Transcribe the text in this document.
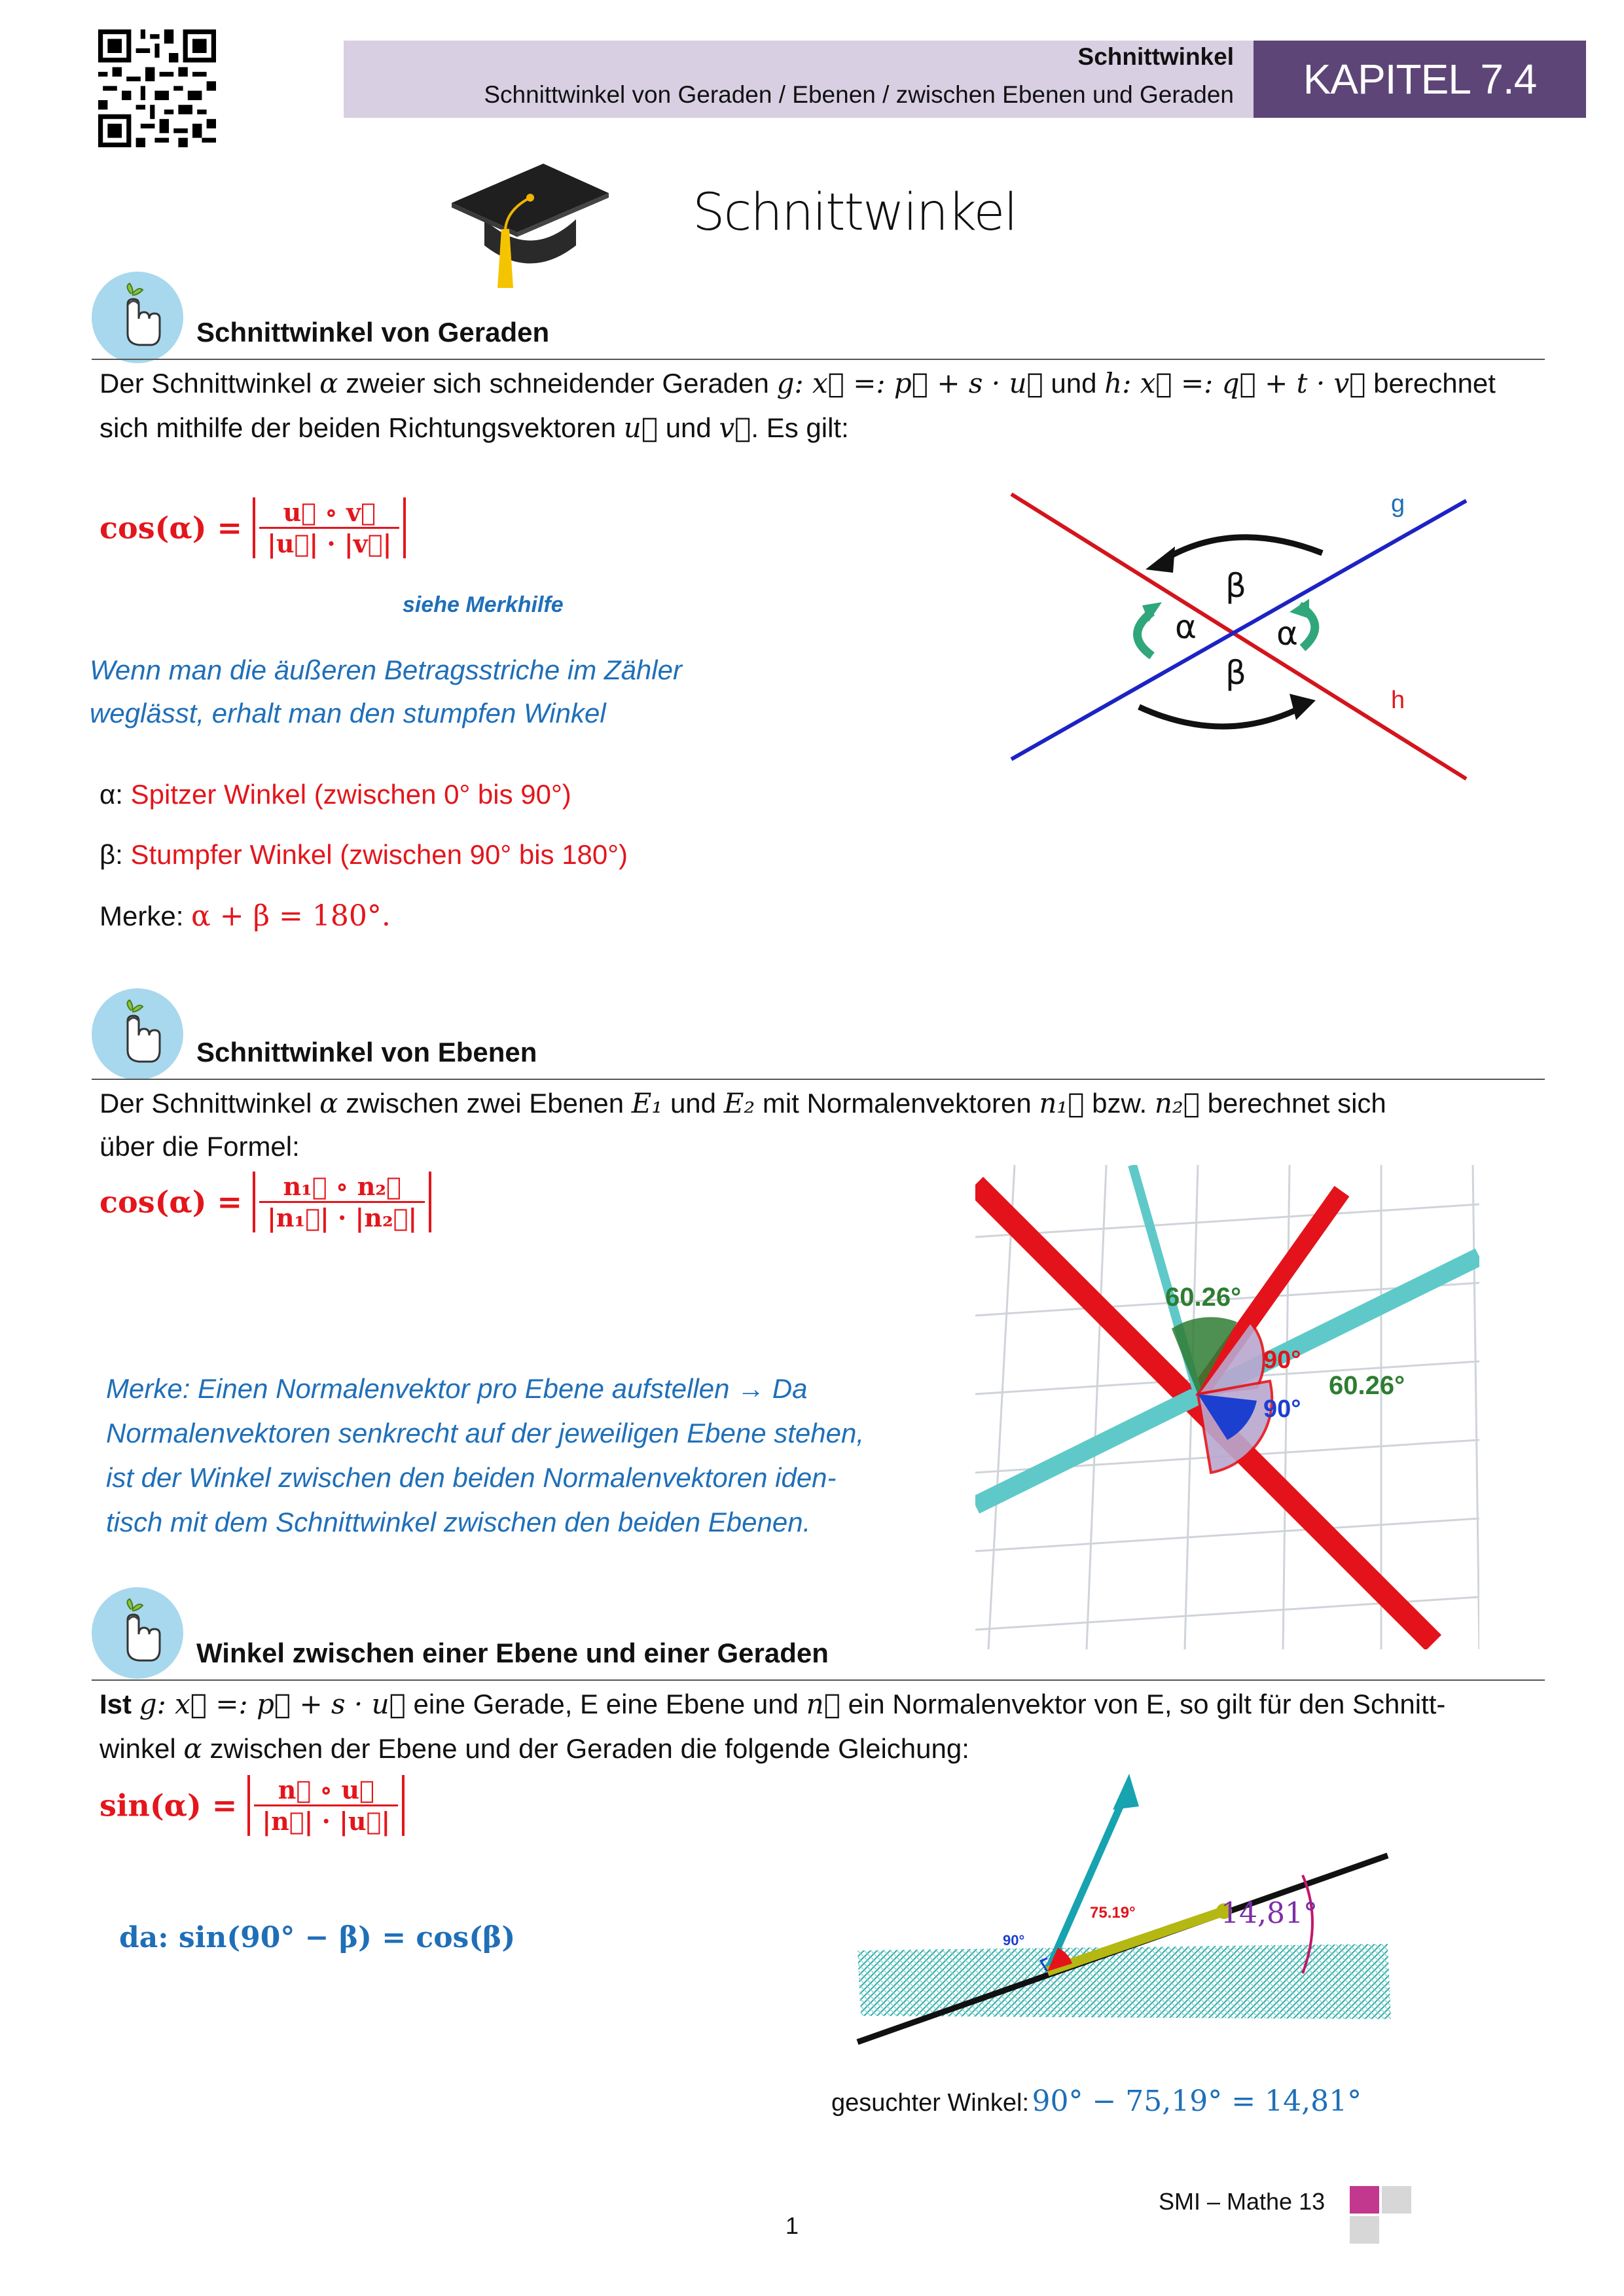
Schnittwinkel
Schnittwinkel von Geraden / Ebenen / zwischen Ebenen und Geraden	KAPITEL 7.4
Schnittwinkel
Schnittwinkel von Geraden
Der Schnittwinkel α zweier sich schneidender Geraden g: x⃗ =: p⃗ + s · u⃗ und h: x⃗ =: q⃗ + t · v⃗ berechnet
sich mithilfe der beiden Richtungsvektoren u⃗ und v⃗. Es gilt:
$\cos(\alpha) = \frac{u⃗ \circ v⃗}{|u⃗| \cdot |v⃗|}$
siehe Merkhilfe
Wenn man die äußeren Betragsstriche im Zähler
weglässt, erhalt man den stumpfen Winkel
α: Spitzer Winkel (zwischen 0° bis 90°)
β: Stumpfer Winkel (zwischen 90° bis 180°)
Merke: α + β = 180°.
g
h
β
α α
β
Schnittwinkel von Ebenen
Der Schnittwinkel α zwischen zwei Ebenen E₁ und E₂ mit Normalenvektoren n₁⃗ bzw. n₂⃗ berechnet sich
über die Formel:
$\cos(\alpha) = \frac{\text{n₁⃗ ∘ n₂⃗}}{\text{|n₁⃗| · |n₂⃗|}}$
Merke: Einen Normalenvektor pro Ebene aufstellen → Da
Normalenvektoren senkrecht auf der jeweiligen Ebene stehen,
ist der Winkel zwischen den beiden Normalenvektoren iden-
tisch mit dem Schnittwinkel zwischen den beiden Ebenen.
60.26°
90°
90°
60.26°
Winkel zwischen einer Ebene und einer Geraden
Ist g: x⃗ =: p⃗ + s · u⃗ eine Gerade, E eine Ebene und n⃗ ein Normalenvektor von E, so gilt für den Schnitt-
winkel α zwischen der Ebene und der Geraden die folgende Gleichung:
$\sin(\alpha) = \frac{n⃗ \circ u⃗}{|n⃗| \cdot |u⃗|}$
da: sin(90° − β) = cos(β)
75.19°
90°
14,81°
gesuchter Winkel: 90° − 75,19° = 14,81°
SMI – Mathe 13
1
